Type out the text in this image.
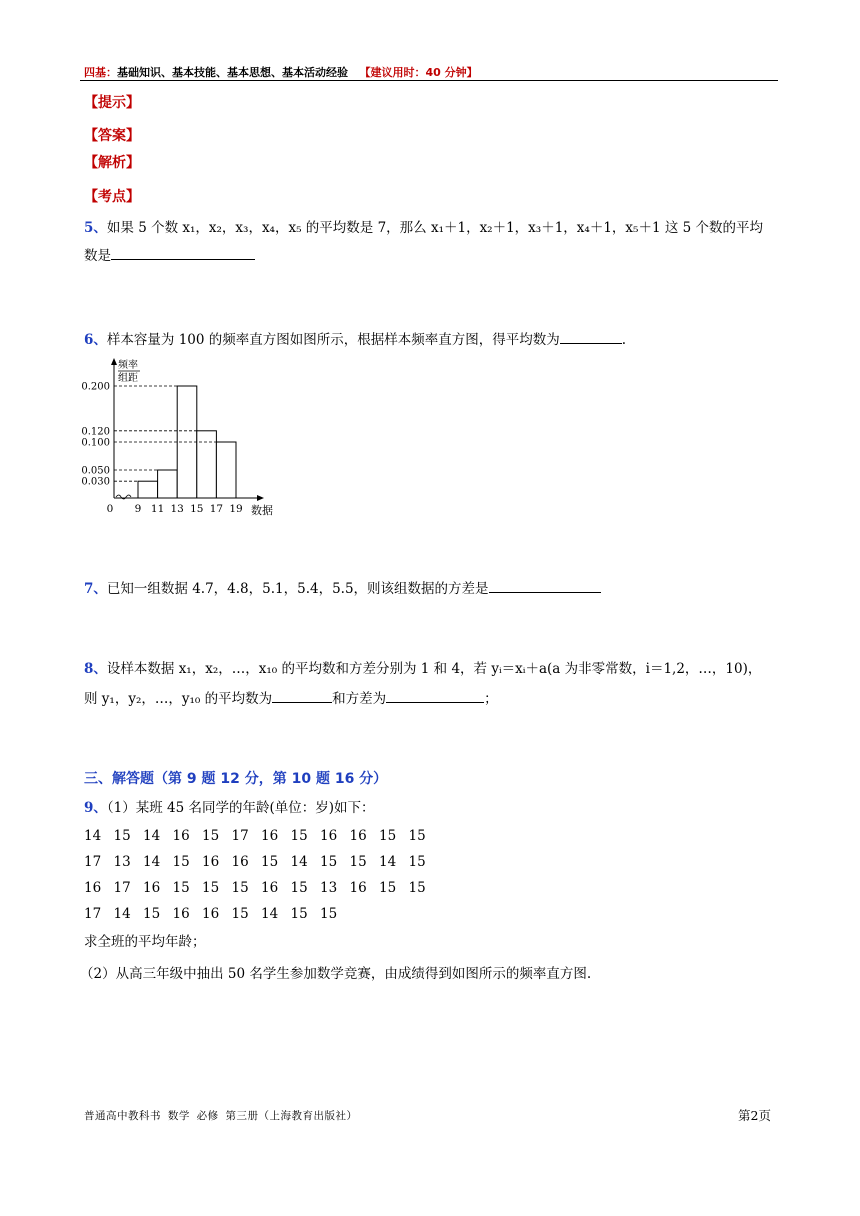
四基：基础知识、基本技能、基本思想、基本活动经验 【建议用时：40 分钟】
【提示】
【答案】
【解析】
【考点】
5、如果 5 个数 x₁，x₂，x₃，x₄，x₅ 的平均数是 7，那么 x₁＋1，x₂＋1，x₃＋1，x₄＋1，x₅＋1 这 5 个数的平均
数是
6、样本容量为 100 的频率直方图如图所示，根据样本频率直方图，得平均数为	.
频率
组距
0.200
0.120
0.100
0.050
0.030
0 9 11 13 15 17 19 数据
7、已知一组数据 4.7，4.8，5.1，5.4，5.5，则该组数据的方差是
8、设样本数据 x₁，x₂，…，x₁₀ 的平均数和方差分别为 1 和 4，若 yᵢ＝xᵢ＋a(a 为非零常数，i＝1,2，…，10)，
则 y₁，y₂，…，y₁₀ 的平均数为	和方差为	；
三、解答题（第 9 题 12 分，第 10 题 16 分）
9、（1）某班 45 名同学的年龄(单位：岁)如下：
14 15 14 16 15 17 16 15 16 16 15 15
17 13 14 15 16 16 15 14 15 15 14 15
16 17 16 15 15 15 16 15 13 16 15 15
17 14 15 16 16 15 14 15 15
求全班的平均年龄；
（2）从高三年级中抽出 50 名学生参加数学竞赛，由成绩得到如图所示的频率直方图.
普通高中教科书 数学 必修 第三册（上海教育出版社）	第2页
